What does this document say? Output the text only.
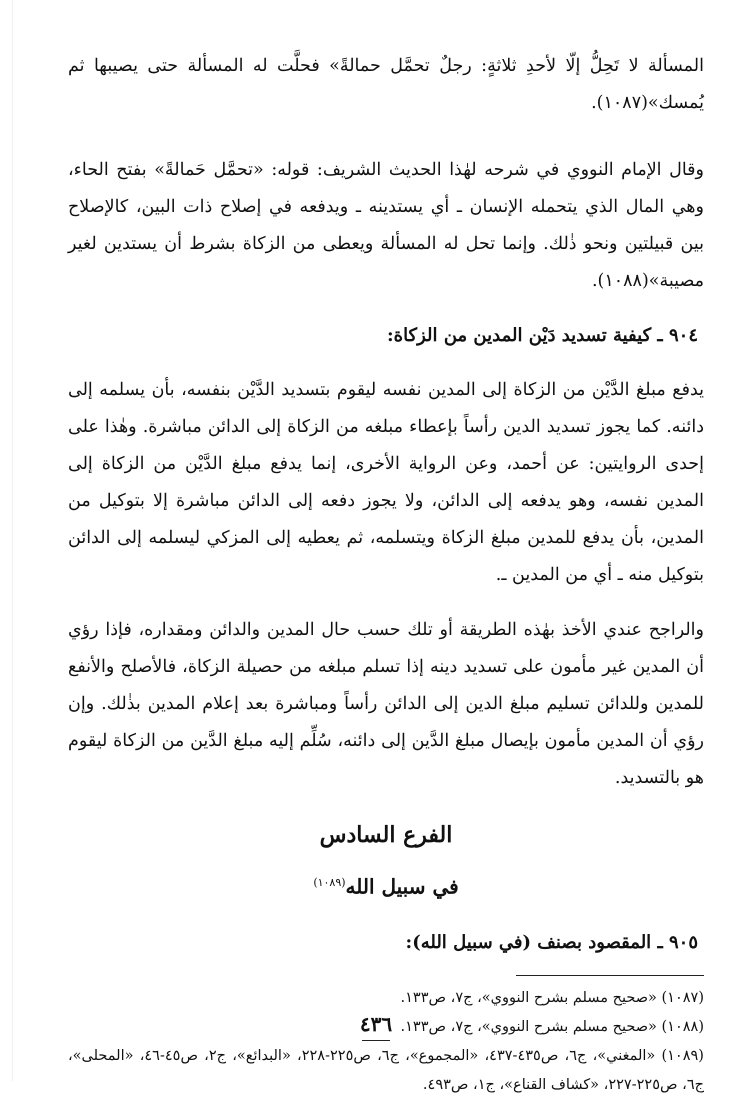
المسألة لا تَحِلُّ إلّا لأحدِ ثلاثةٍ: رجلٌ تحمَّل حمالةً» فحلَّت له المسألة حتى يصيبها ثم يُمسك»(١٠٨٧).

وقال الإمام النووي في شرحه لهٰذا الحديث الشريف: قوله: «تحمَّل حَمالةً» بفتح الحاء، وهي المال الذي يتحمله الإنسان ـ أي يستدينه ـ ويدفعه في إصلاح ذات البين، كالإصلاح بين قبيلتين ونحو ذٰلك. وإنما تحل له المسألة ويعطى من الزكاة بشرط أن يستدين لغير مصيبة»(١٠٨٨).

٩٠٤ ـ كيفية تسديد دَيْن المدين من الزكاة:

يدفع مبلغ الدَّيْن من الزكاة إلى المدين نفسه ليقوم بتسديد الدَّيْن بنفسه، بأن يسلمه إلى دائنه. كما يجوز تسديد الدين رأساً بإعطاء مبلغه من الزكاة إلى الدائن مباشرة. وهٰذا على إحدى الروايتين: عن أحمد، وعن الرواية الأخرى، إنما يدفع مبلغ الدَّيْن من الزكاة إلى المدين نفسه، وهو يدفعه إلى الدائن، ولا يجوز دفعه إلى الدائن مباشرة إلا بتوكيل من المدين، بأن يدفع للمدين مبلغ الزكاة ويتسلمه، ثم يعطيه إلى المزكي ليسلمه إلى الدائن بتوكيل منه ـ أي من المدين ـ.

والراجح عندي الأخذ بهٰذه الطريقة أو تلك حسب حال المدين والدائن ومقداره، فإذا رؤي أن المدين غير مأمون على تسديد دينه إذا تسلم مبلغه من حصيلة الزكاة، فالأصلح والأنفع للمدين وللدائن تسليم مبلغ الدين إلى الدائن رأساً ومباشرة بعد إعلام المدين بذٰلك. وإن رؤي أن المدين مأمون بإيصال مبلغ الدَّين إلى دائنه، سُلِّم إليه مبلغ الدَّين من الزكاة ليقوم هو بالتسديد.

الفرع السادس

في سبيل الله$^{(١٠٨٩)}$

٩٠٥ ـ المقصود بصنف (في سبيل الله):

(١٠٨٧) «صحيح مسلم بشرح النووي»، ج٧، ص١٣٣.

(١٠٨٨) «صحيح مسلم بشرح النووي»، ج٧، ص١٣٣.

(١٠٨٩) «المغني»، ج٦، ص٤٣٥-٤٣٧، «المجموع»، ج٦، ص٢٢٥-٢٢٨، «البدائع»، ج٢، ص٤٥-٤٦، «المحلى»، ج٦، ص٢٢٥-٢٢٧، «كشاف القناع»، ج١، ص٤٩٣.

٤٣٦
